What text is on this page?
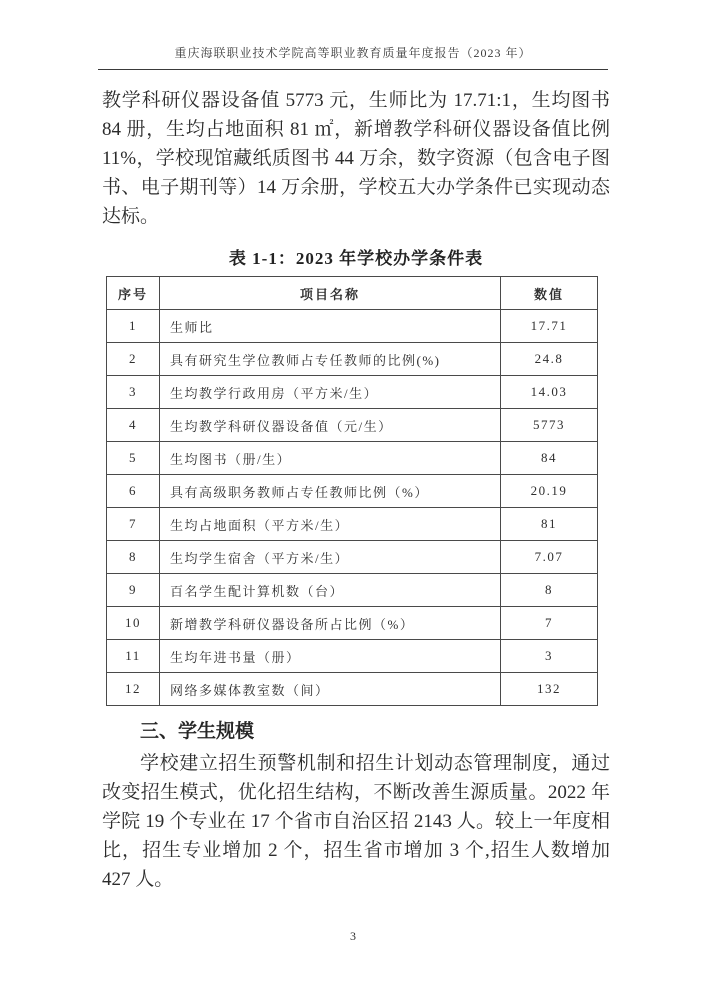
重庆海联职业技术学院高等职业教育质量年度报告（2023 年）

教学科研仪器设备值 5773 元，生师比为 17.71:1，生均图书 84 册，生均占地面积 81 ㎡，新增教学科研仪器设备值比例 11%，学校现馆藏纸质图书 44 万余，数字资源（包含电子图书、电子期刊等）14 万余册，学校五大办学条件已实现动态达标。

表 1-1：2023 年学校办学条件表
序号	项目名称	数值
1	生师比	17.71
2	具有研究生学位教师占专任教师的比例(%)	24.8
3	生均教学行政用房（平方米/生）	14.03
4	生均教学科研仪器设备值（元/生）	5773
5	生均图书（册/生）	84
6	具有高级职务教师占专任教师比例（%）	20.19
7	生均占地面积（平方米/生）	81
8	生均学生宿舍（平方米/生）	7.07
9	百名学生配计算机数（台）	8
10	新增教学科研仪器设备所占比例（%）	7
11	生均年进书量（册）	3
12	网络多媒体教室数（间）	132
三、学生规模

学校建立招生预警机制和招生计划动态管理制度，通过改变招生模式，优化招生结构，不断改善生源质量。2022 年学院 19 个专业在 17 个省市自治区招 2143 人。较上一年度相比，招生专业增加 2 个，招生省市增加 3 个,招生人数增加 427 人。

3
